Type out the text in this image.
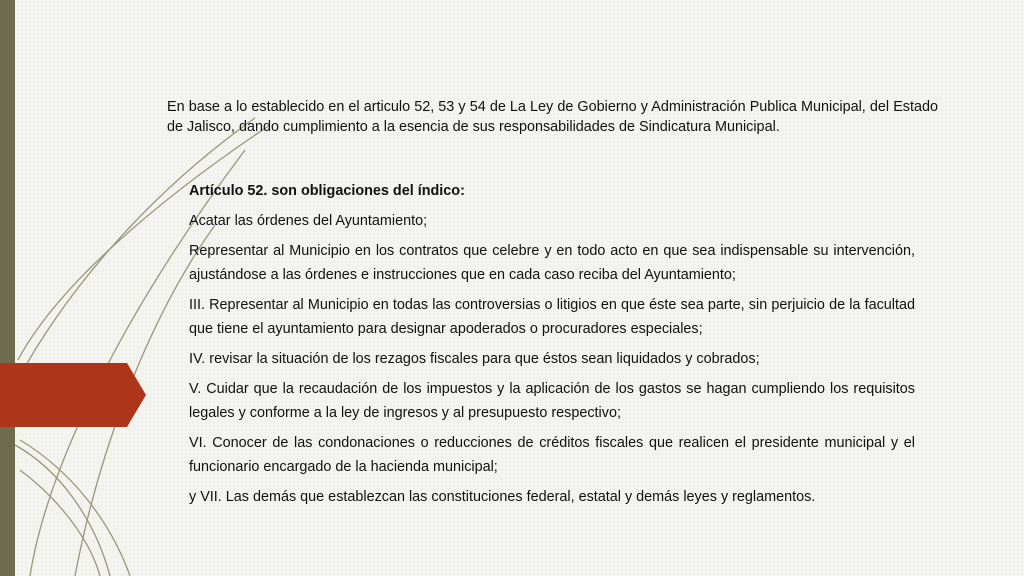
En base a lo establecido en el articulo 52, 53 y 54 de La Ley de Gobierno y Administración Publica Municipal, del Estado de Jalisco, dando cumplimiento a la esencia de sus responsabilidades de Sindicatura Municipal.

Artículo 52. son obligaciones del índico:

Acatar las órdenes del Ayuntamiento;

Representar al Municipio en los contratos que celebre y en todo acto en que sea indispensable su intervención, ajustándose a las órdenes e instrucciones que en cada caso reciba del Ayuntamiento;

III. Representar al Municipio en todas las controversias o litigios en que éste sea parte, sin perjuicio de la facultad que tiene el ayuntamiento para designar apoderados o procuradores especiales;

IV. revisar la situación de los rezagos fiscales para que éstos sean liquidados y cobrados;

V. Cuidar que la recaudación de los impuestos y la aplicación de los gastos se hagan cumpliendo los requisitos legales y conforme a la ley de ingresos y al presupuesto respectivo;

VI. Conocer de las condonaciones o reducciones de créditos fiscales que realicen el presidente municipal y el funcionario encargado de la hacienda municipal;

y VII. Las demás que establezcan las constituciones federal, estatal y demás leyes y reglamentos.
